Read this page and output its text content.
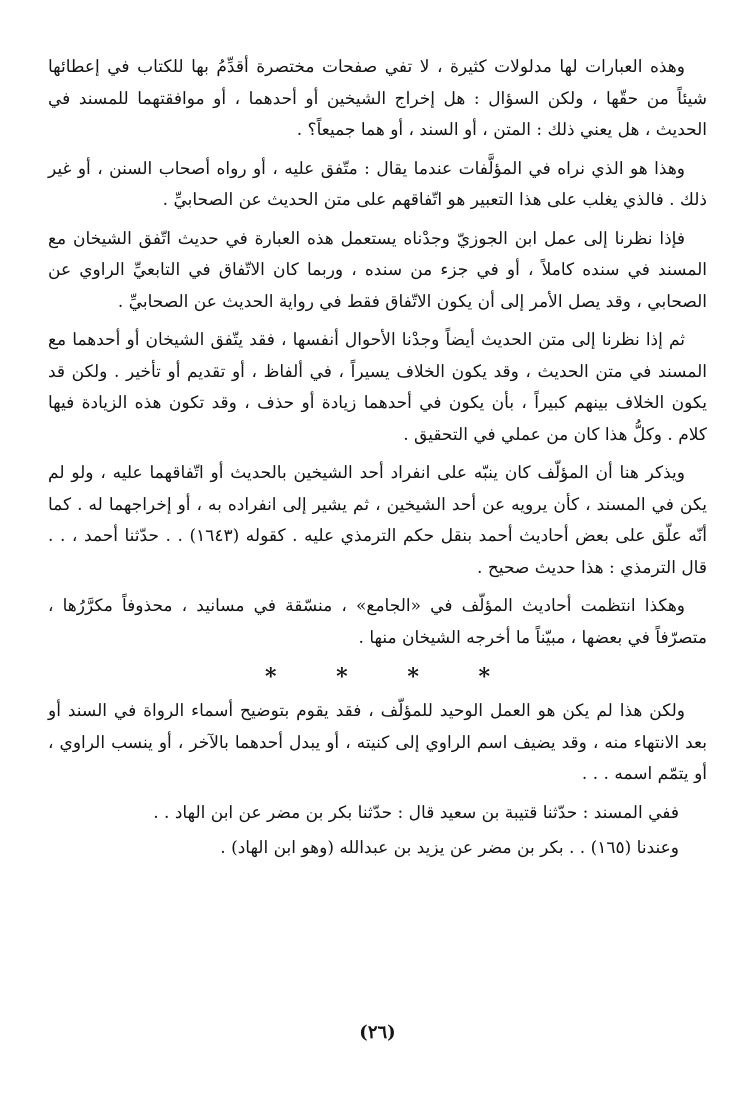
وهذه العبارات لها مدلولات كثيرة ، لا تفي صفحات مختصرة أقدِّمُ بها للكتاب في إعطائها شيئاً من حقّها ، ولكن السؤال : هل إخراج الشيخين أو أحدهما ، أو موافقتهما للمسند في الحديث ، هل يعني ذلك : المتن ، أو السند ، أو هما جميعاً؟ .

وهذا هو الذي نراه في المؤلَّفات عندما يقال : متّفق عليه ، أو رواه أصحاب السنن ، أو غير ذلك . فالذي يغلب على هذا التعبير هو اتّفاقهم على متن الحديث عن الصحابيِّ .

فإذا نظرنا إلى عمل ابن الجوزيّ وجدْناه يستعمل هذه العبارة في حديث اتّفق الشيخان مع المسند في سنده كاملاً ، أو في جزء من سنده ، وربما كان الاتّفاق في التابعيِّ الراوي عن الصحابي ، وقد يصل الأمر إلى أن يكون الاتّفاق فقط في رواية الحديث عن الصحابيِّ .

ثم إذا نظرنا إلى متن الحديث أيضاً وجدْنا الأحوال أنفسها ، فقد يتّفق الشيخان أو أحدهما مع المسند في متن الحديث ، وقد يكون الخلاف يسيراً ، في ألفاظ ، أو تقديم أو تأخير . ولكن قد يكون الخلاف بينهم كبيراً ، بأن يكون في أحدهما زيادة أو حذف ، وقد تكون هذه الزيادة فيها كلام . وكلُّ هذا كان من عملي في التحقيق .

ويذكر هنا أن المؤلّف كان ينبّه على انفراد أحد الشيخين بالحديث أو اتّفاقهما عليه ، ولو لم يكن في المسند ، كأن يرويه عن أحد الشيخين ، ثم يشير إلى انفراده به ، أو إخراجهما له . كما أنّه علّق على بعض أحاديث أحمد بنقل حكم الترمذي عليه . كقوله (١٦٤٣) . . حدّثنا أحمد ، . . قال الترمذي : هذا حديث صحيح .

وهكذا انتظمت أحاديث المؤلّف في «الجامع» ، منسّقة في مسانيد ، محذوفاً مكرَّرُها ، متصرّفاً في بعضها ، مبيّناً ما أخرجه الشيخان منها .

* * * *

ولكن هذا لم يكن هو العمل الوحيد للمؤلّف ، فقد يقوم بتوضيح أسماء الرواة في السند أو بعد الانتهاء منه ، وقد يضيف اسم الراوي إلى كنيته ، أو يبدل أحدهما بالآخر ، أو ينسب الراوي ، أو يتمّم اسمه . . .

ففي المسند : حدّثنا قتيبة بن سعيد قال : حدّثنا بكر بن مضر عن ابن الهاد . .

وعندنا (١٦٥) . . بكر بن مضر عن يزيد بن عبدالله (وهو ابن الهاد) .

(٢٦)
